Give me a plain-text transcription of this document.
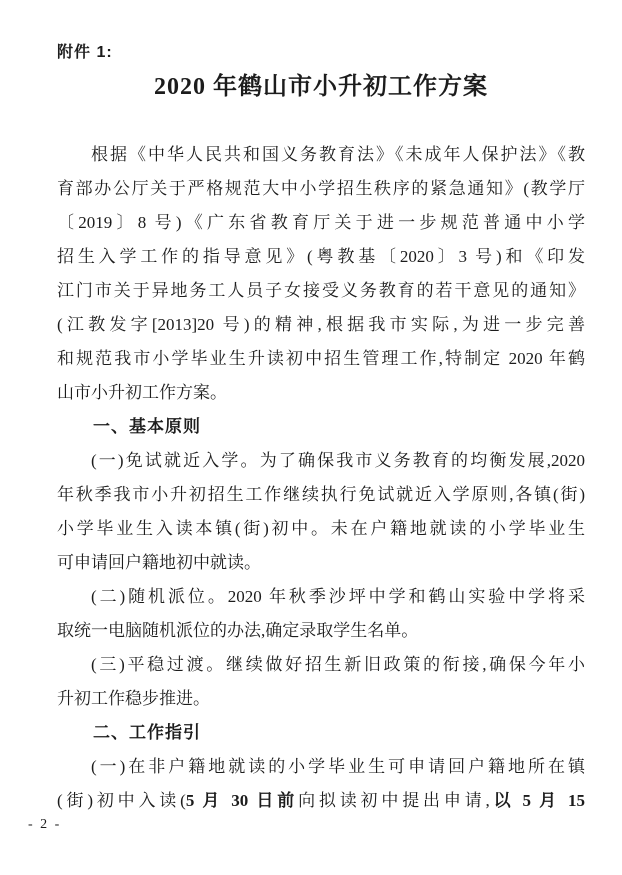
附件 1:
2020 年鹤山市小升初工作方案
根据《中华人民共和国义务教育法》《未成年人保护法》《教
育部办公厅关于严格规范大中小学招生秩序的紧急通知》(教学厅
〔2019〕8 号)《广东省教育厅关于进一步规范普通中小学
招生入学工作的指导意见》(粤教基〔2020〕3 号)和《印发
江门市关于异地务工人员子女接受义务教育的若干意见的通知》
(江教发字[2013]20 号)的精神,根据我市实际,为进一步完善
和规范我市小学毕业生升读初中招生管理工作,特制定 2020 年鹤
山市小升初工作方案。
一、基本原则
(一)免试就近入学。为了确保我市义务教育的均衡发展,2020
年秋季我市小升初招生工作继续执行免试就近入学原则,各镇(街)
小学毕业生入读本镇(街)初中。未在户籍地就读的小学毕业生
可申请回户籍地初中就读。
(二)随机派位。2020 年秋季沙坪中学和鹤山实验中学将采
取统一电脑随机派位的办法,确定录取学生名单。
(三)平稳过渡。继续做好招生新旧政策的衔接,确保今年小
升初工作稳步推进。
二、工作指引
(一)在非户籍地就读的小学毕业生可申请回户籍地所在镇
(街)初中入读(5 月 30 日前向拟读初中提出申请,以 5 月 15
- 2 -
